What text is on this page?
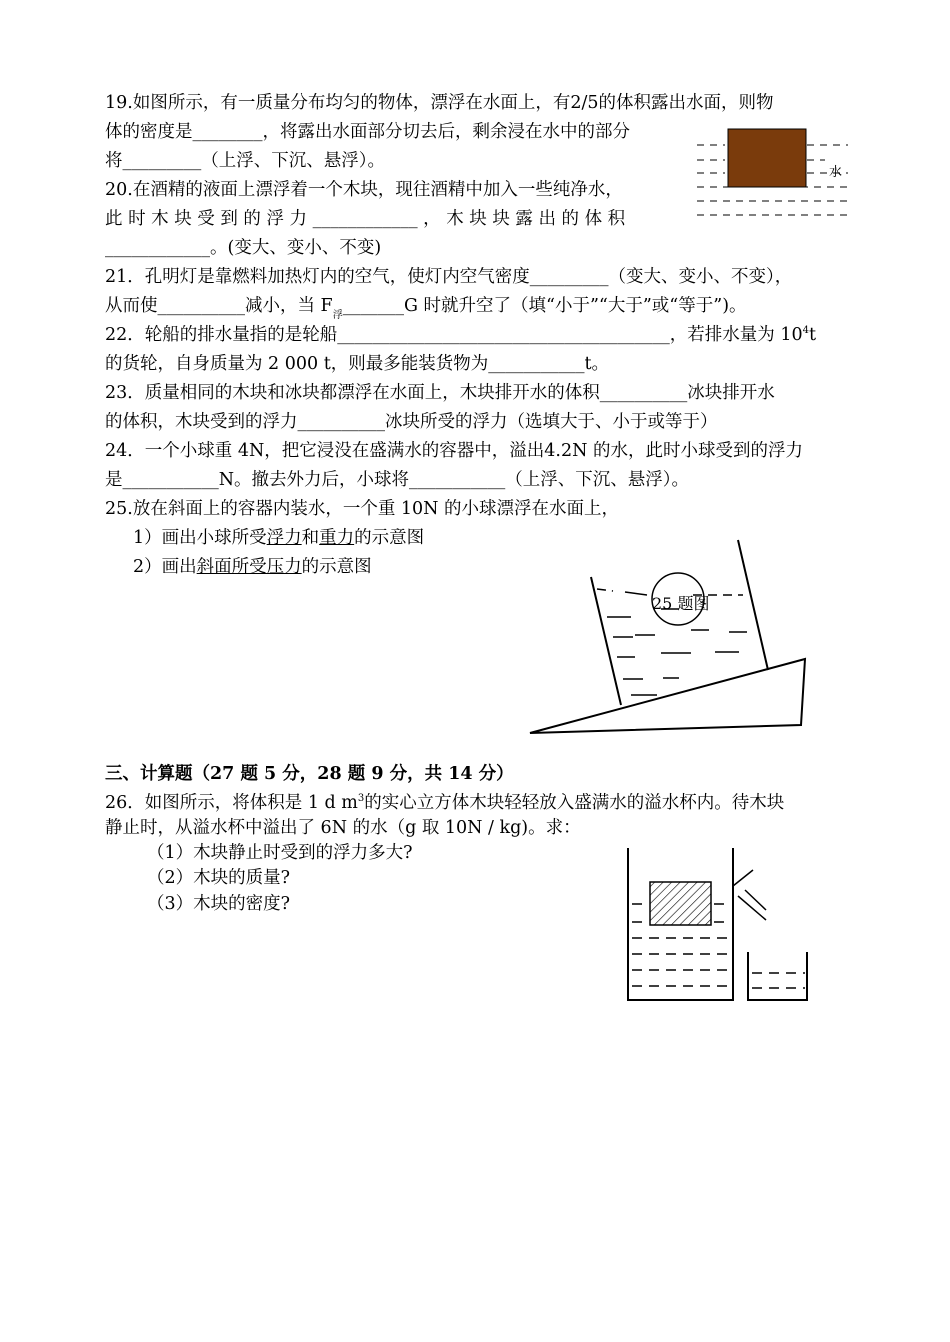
19.如图所示，有一质量分布均匀的物体，漂浮在水面上，有2/5的体积露出水面，则物
体的密度是________，将露出水面部分切去后，剩余浸在水中的部分
将_________（上浮、下沉、悬浮）。
水
20.在酒精的液面上漂浮着一个木块，现往酒精中加入一些纯净水，
此 时 木 块 受 到 的 浮 力 ____________ ， 木 块 块 露 出 的 体 积
____________。(变大、变小、不变)
21．孔明灯是靠燃料加热灯内的空气，使灯内空气密度_________（变大、变小、不变），
从而使__________减小，当 $F_浮\_\_\_\_\_\_\_G$ 时就升空了（填“小于”“大于”或“等于”)。
22．轮船的排水量指的是轮船______________________________________，若排水量为 $10^4t$
的货轮，自身质量为 2 000 t，则最多能装货物为___________t。
23．质量相同的木块和冰块都漂浮在水面上，木块排开水的体积__________冰块排开水
的体积，木块受到的浮力__________冰块所受的浮力（选填大于、小于或等于）
24．一个小球重 4N，把它浸没在盛满水的容器中，溢出4.2N 的水，此时小球受到的浮力
是___________N。撤去外力后，小球将___________（上浮、下沉、悬浮）。
25.放在斜面上的容器内装水，一个重 10N 的小球漂浮在水面上，
1）画出小球所受浮力和重力的示意图
2）画出斜面所受压力的示意图
25 题图
三、计算题（27 题 5 分，28 题 9 分，共 14 分）
26．如图所示，将体积是 1 d $m^3$的实心立方体木块轻轻放入盛满水的溢水杯内。待木块
静止时，从溢水杯中溢出了 6N 的水（g 取 10N / kg)。求：
（1）木块静止时受到的浮力多大?
（2）木块的质量?
（3）木块的密度?
